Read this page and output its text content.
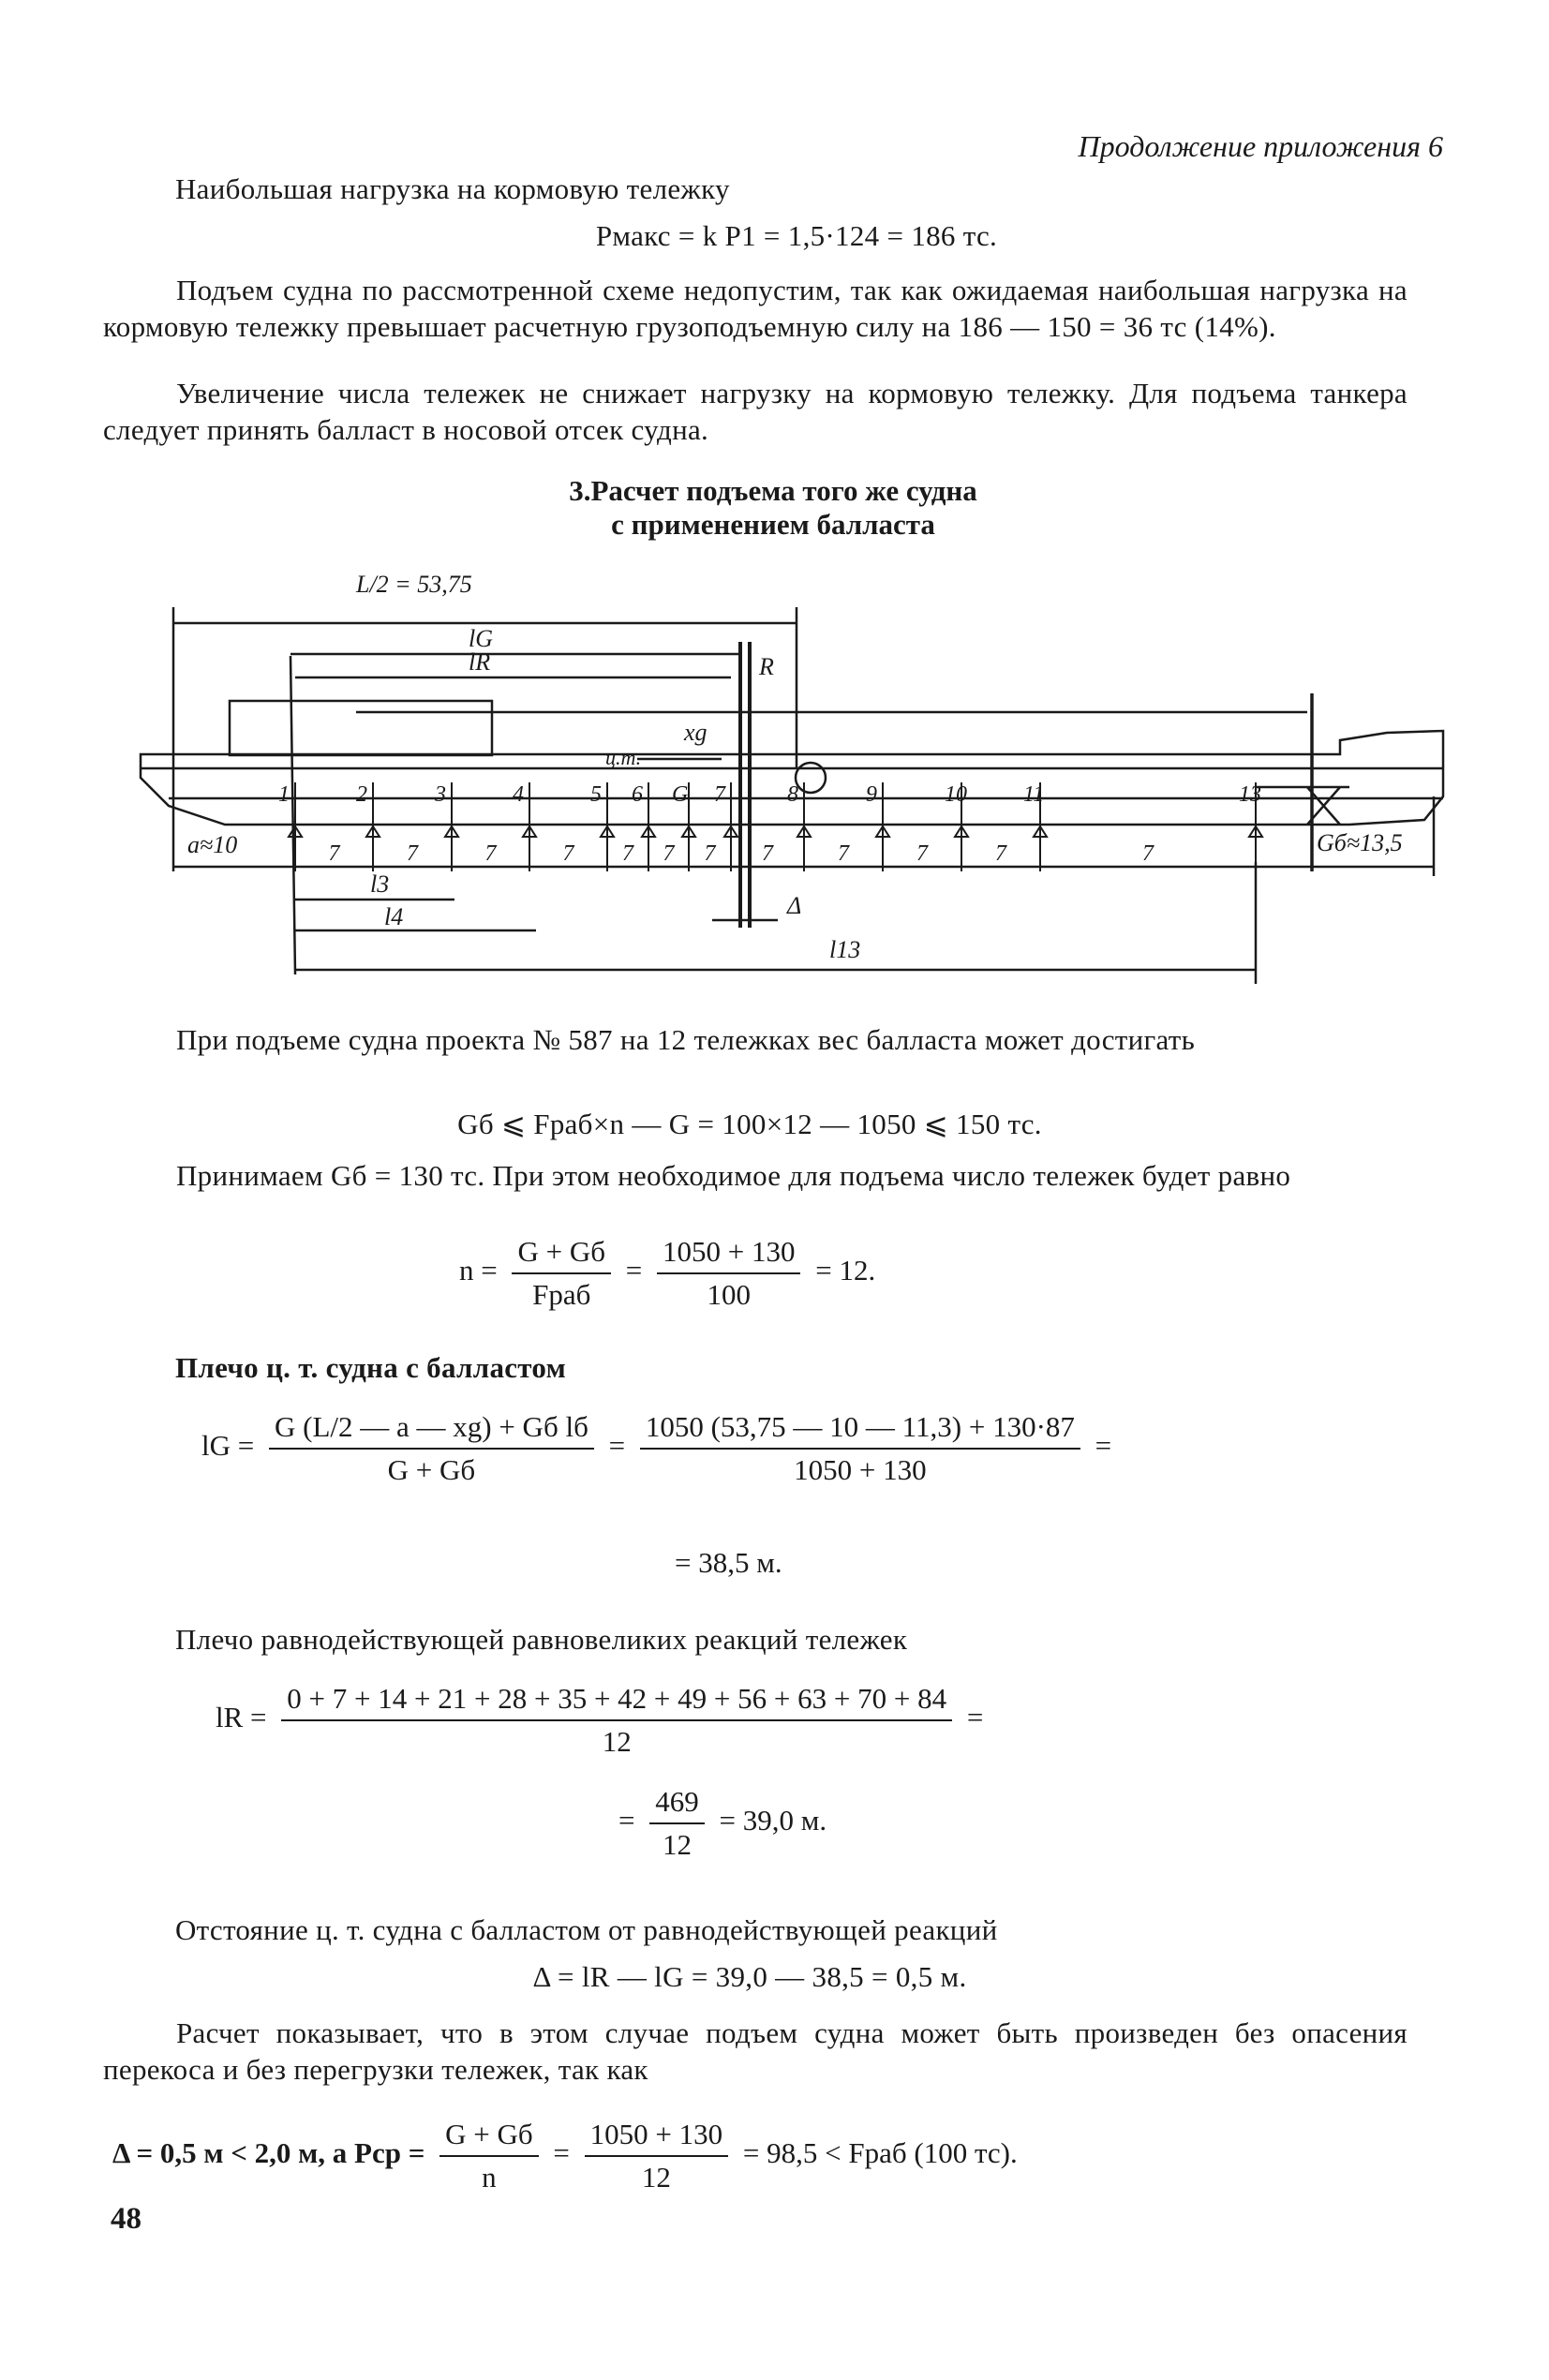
Продолжение приложения 6
Наибольшая нагрузка на кормовую тележку
Pмакс = k P1 = 1,5·124 = 186 тс.
Подъем судна по рассмотренной схеме недопустим, так как ожидаемая наибольшая нагрузка на кормовую тележку превышает расчетную грузоподъемную силу на 186 — 150 = 36 тс (14%).
Увеличение числа тележек не снижает нагрузку на кормовую тележку. Для подъема танкера следует принять балласт в носовой отсек судна.
3.Расчет подъема того же судна
с применением балласта
1	2	3	4	5 6 G 7	8	9	10	11	13
7	7	7	7 7 7 7 7	7	7	7	7
L/2 = 53,75
lG
lR	R
xg
ц.т.
a≈10	Gб≈13,5
Δ
l3
l4
l13
При подъеме судна проекта № 587 на 12 тележках вес балласта может достигать
Gб ⩽ Fраб×n — G = 100×12 — 1050 ⩽ 150 тс.
Принимаем Gб = 130 тс. При этом необходимое для подъема число тележек будет равно
$n = \frac{G + Gб}{\text{Fраб}} = \frac{1050 + 130}{100} = 12$.
Плечо ц. т. судна с балластом
lG = $\frac{\text{G (L/2 — a — xg) + Gб lб}}{G + Gб} = \frac{1050 (53,75 — 10 — 11,3) + 130\cdot 87}{1050 + 130}$ =
= 38,5 м.
Плечо равнодействующей равновеликих реакций тележек
lR = $\frac{0 + 7 + 14 + 21 + 28 + 35 + 42 + 49 + 56 + 63 + 70 + 84}{12}$ =
= $\frac{469}{12} = 39,0$ м.
Отстояние ц. т. судна с балластом от равнодействующей реакций
Δ = lR — lG = 39,0 — 38,5 = 0,5 м.
Расчет показывает, что в этом случае подъем судна может быть произведен без опасения перекоса и без перегрузки тележек, так как
Δ = 0,5 м < 2,0 м, а Pср = $\frac{G + Gб}{n} = \frac{1050 + 130}{12} = 98,5$ < Fраб (100 тс).
48
